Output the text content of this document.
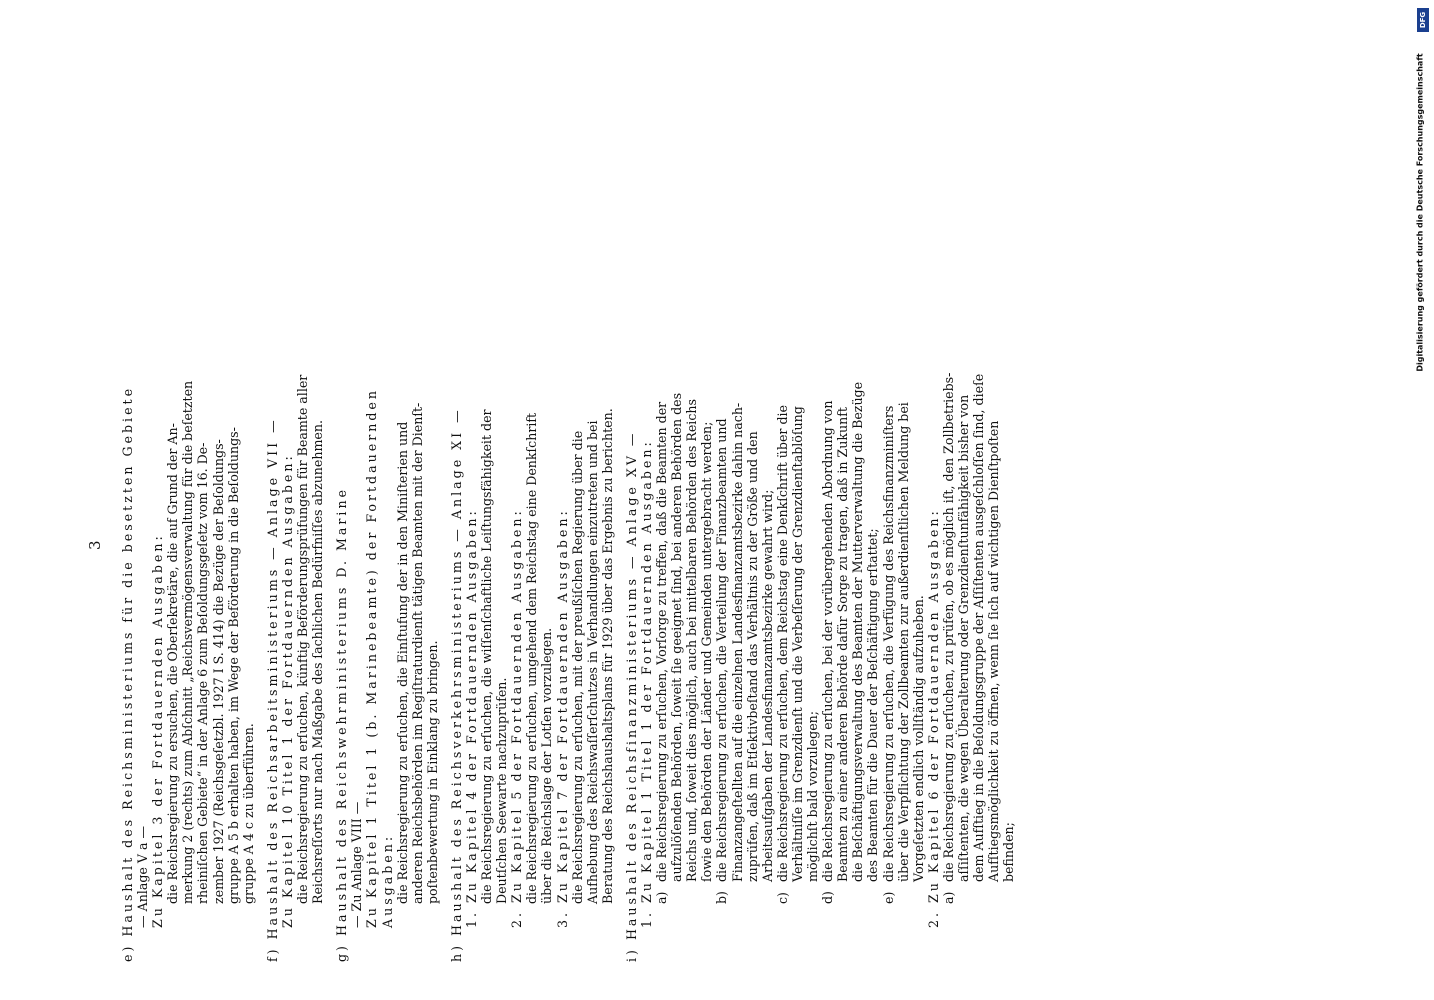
DFG
Digitalisierung gefördert durch die Deutsche Forschungsgemeinschaft
3 e) Haushalt des Reichsministeriums für die besetzten Gebiete — Anlage V a — Zu Kapitel 3 der Fortdauernden Ausgaben: die Reichsregierung zu ersuchen, die Oberſekretäre, die auf Grund der An- merkung 2 (rechts) zum Abſchnitt „Reichsvermögensverwaltung für die beſetzten rheiniſchen Gebiete“ in der Anlage 6 zum Beſoldungsgeſetz vom 16. De- zember 1927 (Reichsgeſetzbl. 1927 I S. 414) die Bezüge der Beſoldungs- gruppe A 5 b erhalten haben, im Wege der Beförderung in die Beſoldungs- gruppe A 4 c zu überführen. f) Haushalt des Reichsarbeitsministeriums — Anlage VII — Zu Kapitel 10 Titel 1 der Fortdauernden Ausgaben: die Reichsregierung zu erſuchen, künftig Beförderungsprüfungen für Beamte aller Reichsreſſorts nur nach Maßgabe des ſachlichen Bedürfniſſes abzunehmen. g) Haushalt des Reichswehrministeriums D. Marine — Zu Anlage VIII — Zu Kapitel 1 Titel 1 (b. Marinebeamte) der Fortdauernden Ausgaben: die Reichsregierung zu erſuchen, die Einſtufung der in den Miniſterien und anderen Reichsbehörden im Regiſtraturdienſt tätigen Beamten mit der Dienſt- poſtenbewertung in Einklang zu bringen. h) Haushalt des Reichsverkehrsministeriums — Anlage XI — 1. Zu Kapitel 4 der Fortdauernden Ausgaben: die Reichsregierung zu erſuchen, die wiſſenſchaftliche Leiſtungsfähigkeit der Deutſchen Seewarte nachzuprüfen. 2. Zu Kapitel 5 der Fortdauernden Ausgaben: die Reichsregierung zu erſuchen, umgehend dem Reichstag eine Denkſchrift über die Reichslage der Lotſen vorzulegen. 3. Zu Kapitel 7 der Fortdauernden Ausgaben: die Reichsregierung zu erſuchen, mit der preußiſchen Regierung über die Aufhebung des Reichswaſſerſchutzes in Verhandlungen einzutreten und bei Beratung des Reichshaushaltsplans für 1929 über das Ergebnis zu berichten. i) Haushalt des Reichsfinanzministeriums — Anlage XV — 1. Zu Kapitel 1 Titel 1 der Fortdauernden Ausgaben: a)
die Reichsregierung zu erſuchen, Vorſorge zu treffen, daß die Beamten der aufzulöſenden Behörden, ſoweit ſie geeignet ſind, bei anderen Behörden des Reichs und, ſoweit dies möglich, auch bei mittelbaren Behörden des Reichs ſowie den Behörden der Länder und Gemeinden untergebracht werden;
b)
die Reichsregierung zu erſuchen, die Verteilung der Finanzbeamten und Finanzangeſtellten auf die einzelnen Landesfinanzamtsbezirke dahin nach- zuprüfen, daß im Etſektivbeſtand das Verhältnis zu der Größe und den Arbeitsaufgaben der Landesfinanzamtsbezirke gewahrt wird;
c)
die Reichsregierung zu erſuchen, dem Reichstag eine Denkſchrift über die Verhältniſſe im Grenzdienſt und die Verbeſſerung der Grenzdienſtablöſung möglichſt bald vorzulegen;
d)
die Reichsregierung zu erſuchen, bei der vorübergehenden Abordnung von Beamten zu einer anderen Behörde dafür Sorge zu tragen, daß in Zukunft die Beſchäftigungsverwaltung des Beamten der Mutterverwaltung die Bezüge des Beamten für die Dauer der Beſchäftigung erſtattet;
e)
die Reichsregierung zu erſuchen, die Verfügung des Reichsfinanzminiſters über die Verpflichtung der Zollbeamten zur außerdienſtlichen Meldung bei Vorgeſetzten endlich vollſtändig aufzuheben. 2. Zu Kapitel 6 der Fortdauernden Ausgaben: a)
die Reichsregierung zu erſuchen, zu prüfen, ob es möglich iſt, den Zollbetriebs- aſſiſtenten, die wegen Überalterung oder Grenzdienſtunfähigkeit bisher von dem Aufſtieg in die Beſoldungsgruppe der Aſſiſtenten ausgeſchloſſen ſind, dieſe Aufſtiegsmöglichkeit zu öffnen, wenn ſie ſich auf wichtigen Dienſtpoſten befinden;
